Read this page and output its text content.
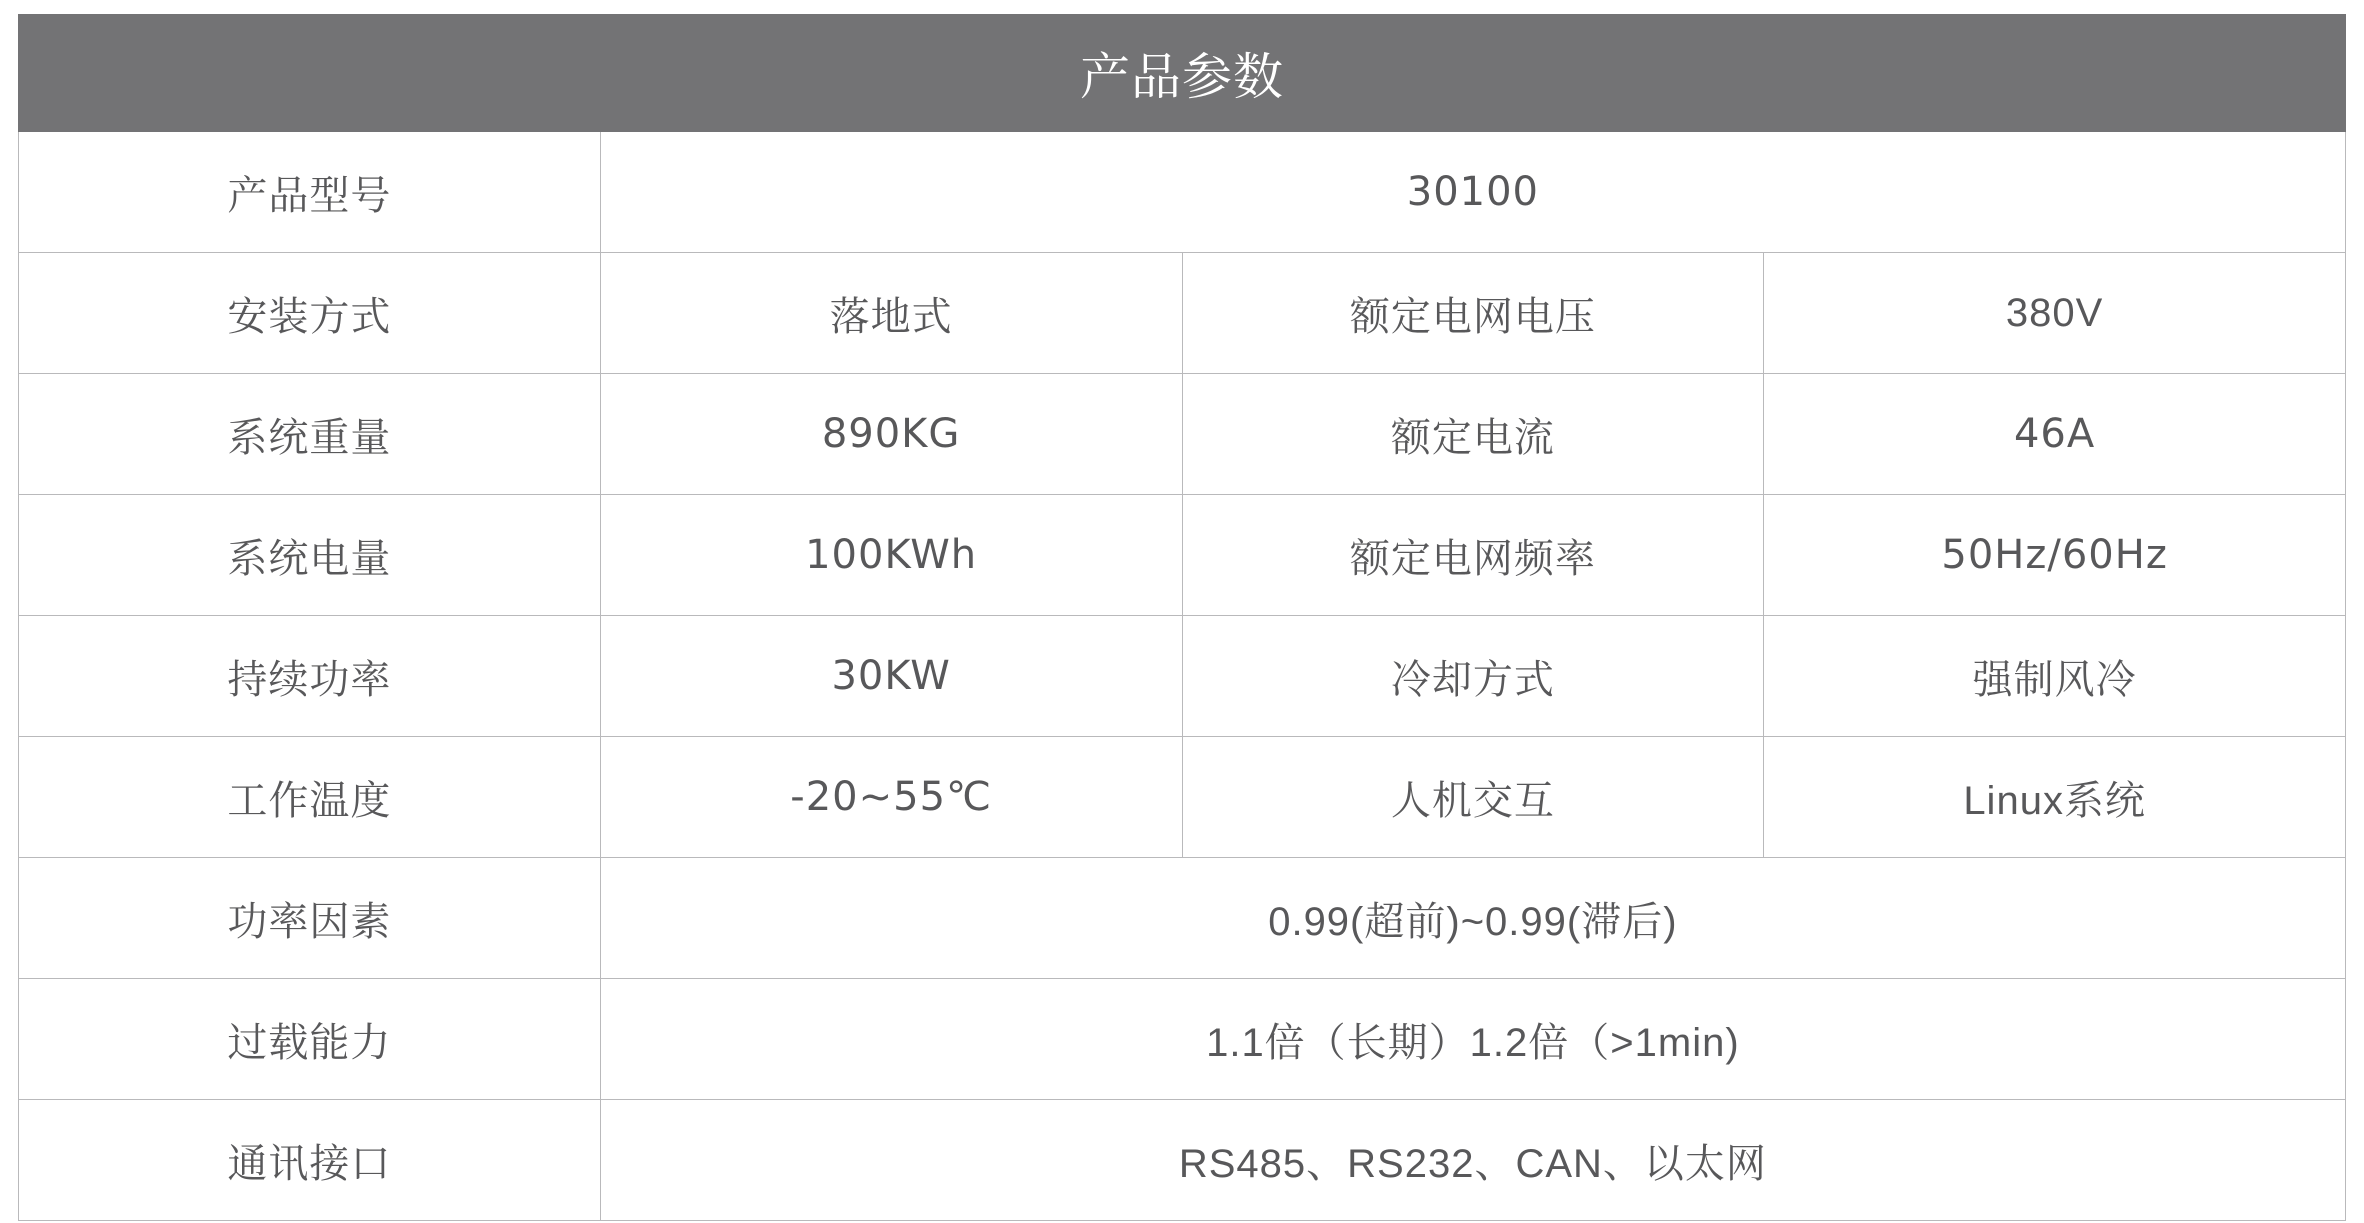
产品参数			
产品型号	30100		
安装方式	落地式	额定电网电压	380V
系统重量	890KG	额定电流	46A
系统电量	100KWh	额定电网频率	50Hz/60Hz
持续功率	30KW	冷却方式	强制风冷
工作温度	-20~55℃	人机交互	Linux系统
功率因素	0.99(超前)~0.99(滞后)		
过载能力	1.1倍（长期）1.2倍（>1min)		
通讯接口	RS485、RS232、CAN、以太网		
